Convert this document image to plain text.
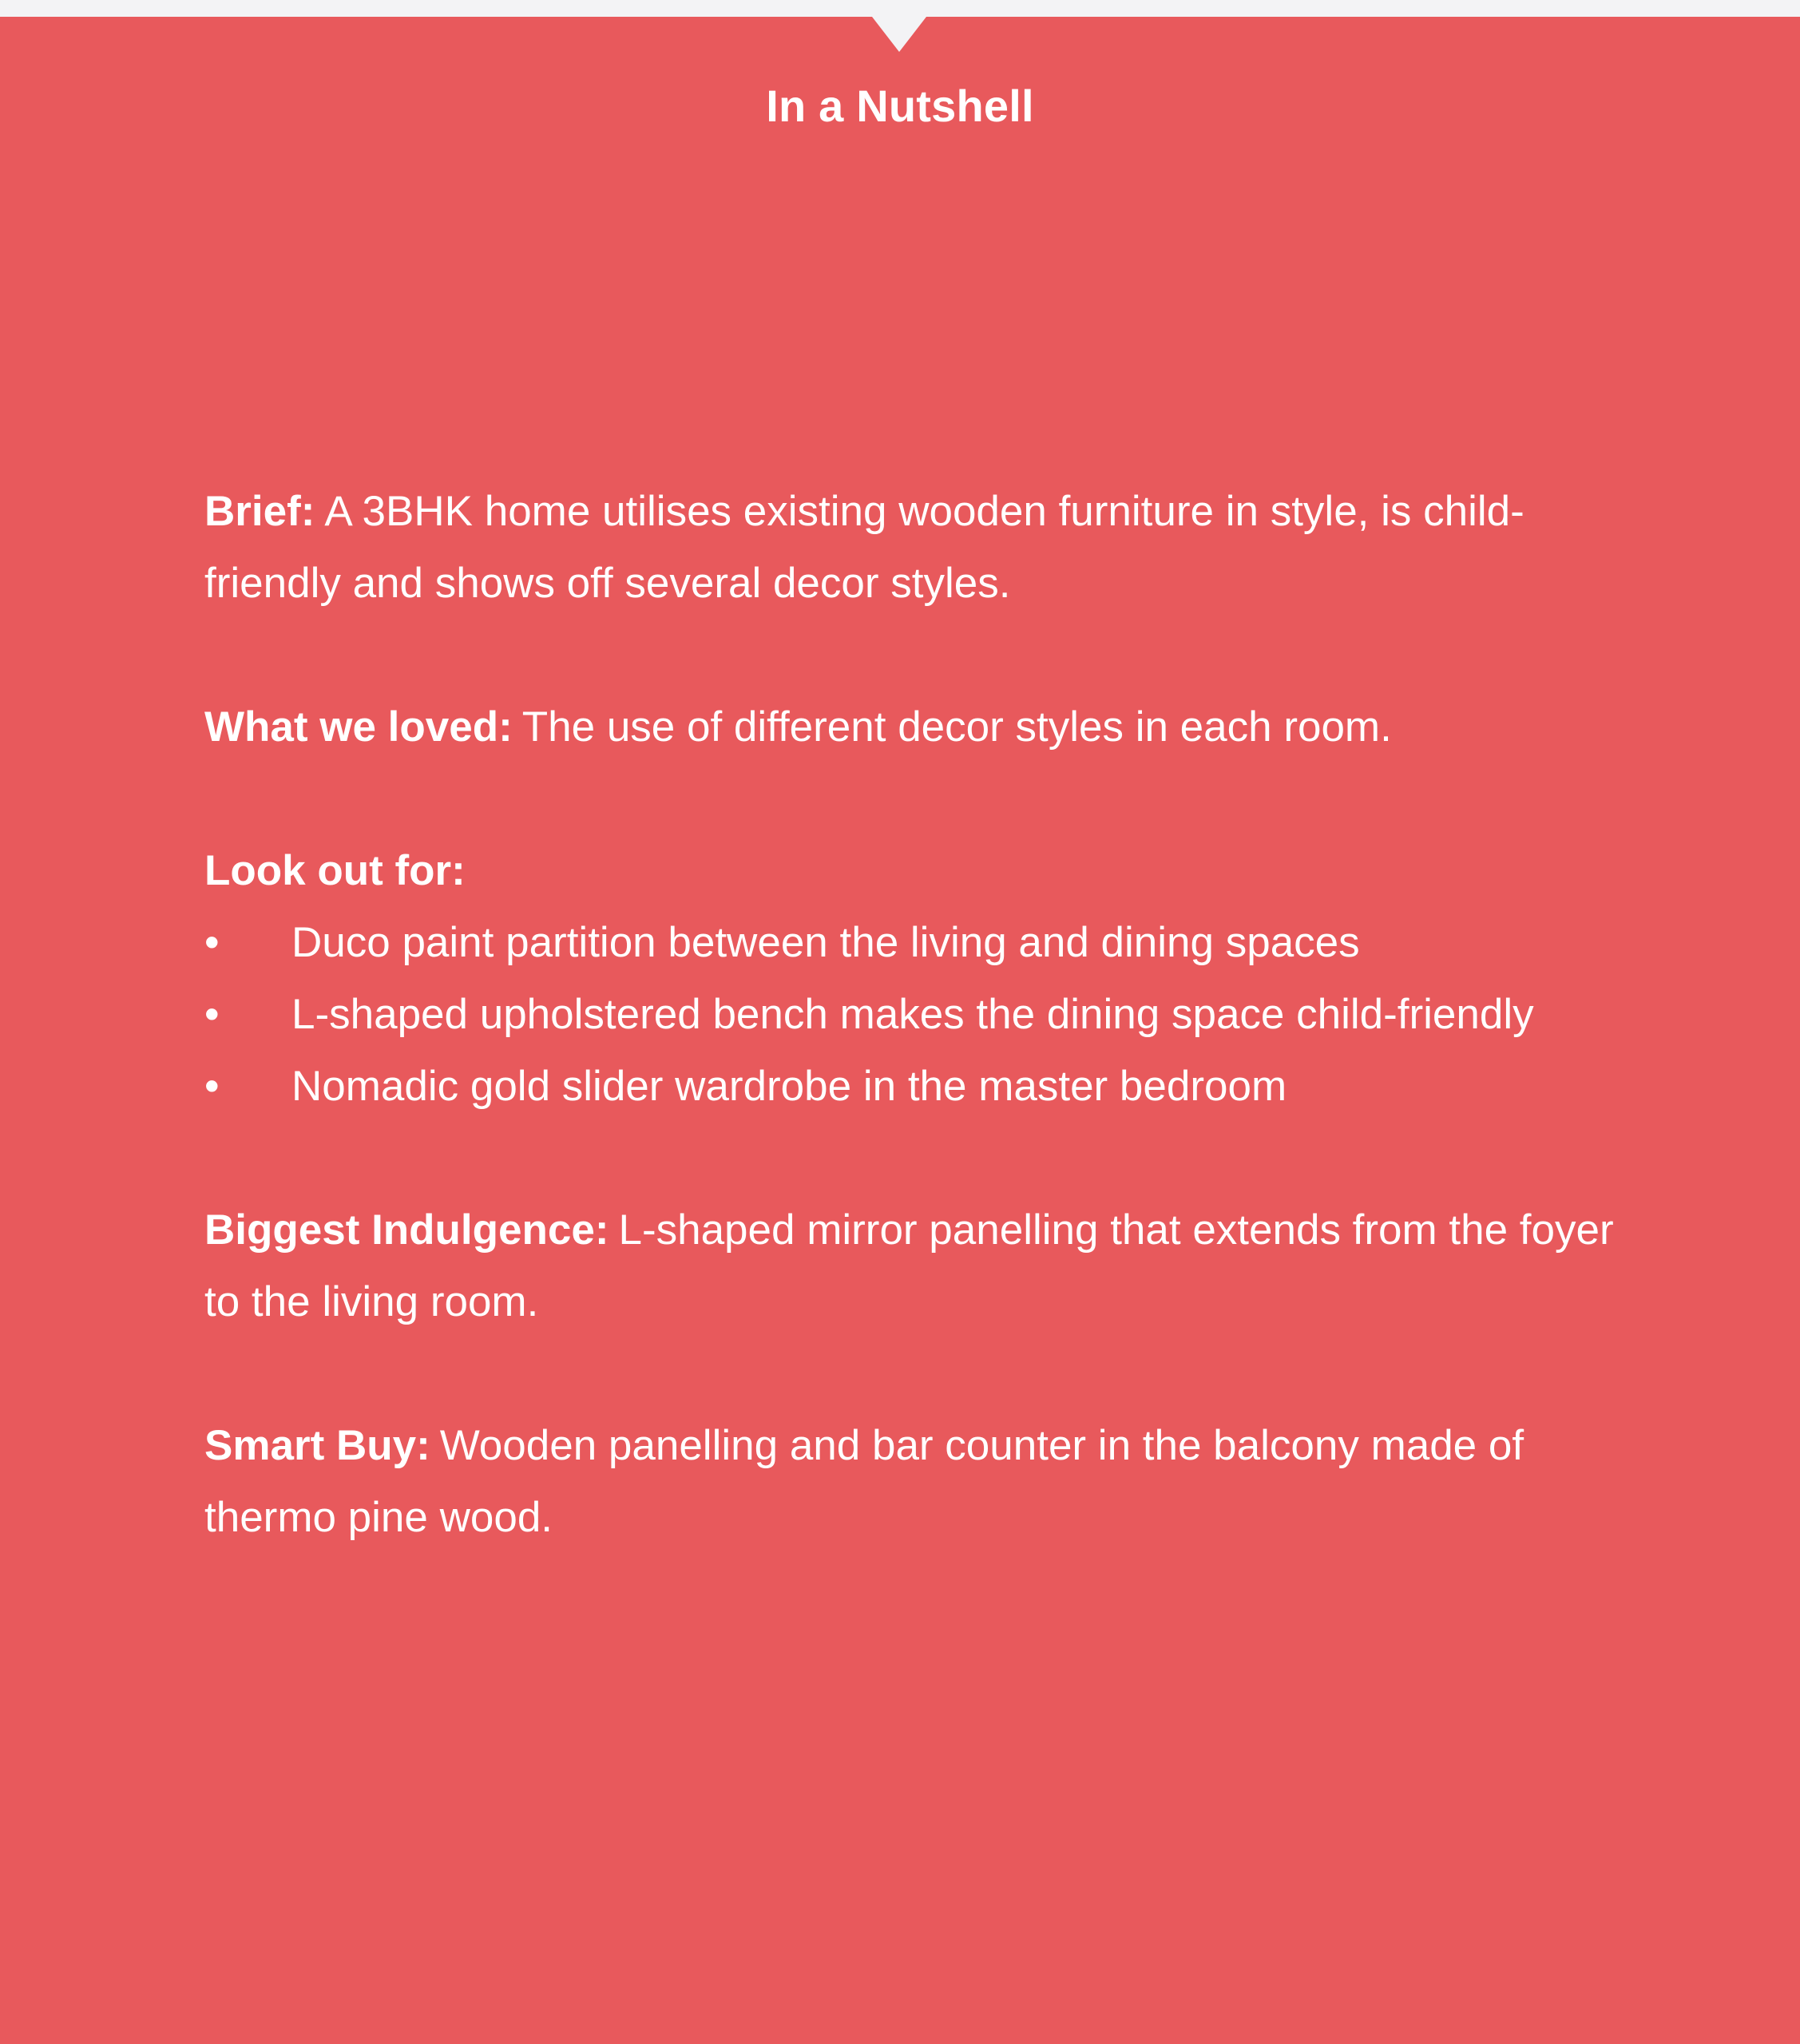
In a Nutshell

Brief: A 3BHK home utilises existing wooden furniture in style, is child-friendly and shows off several decor styles.

What we loved: The use of different decor styles in each room.

Look out for:

• Duco paint partition between the living and dining spaces
• L-shaped upholstered bench makes the dining space child-friendly
• Nomadic gold slider wardrobe in the master bedroom

Biggest Indulgence: L-shaped mirror panelling that extends from the foyer to the living room.

Smart Buy: Wooden panelling and bar counter in the balcony made of thermo pine wood.
